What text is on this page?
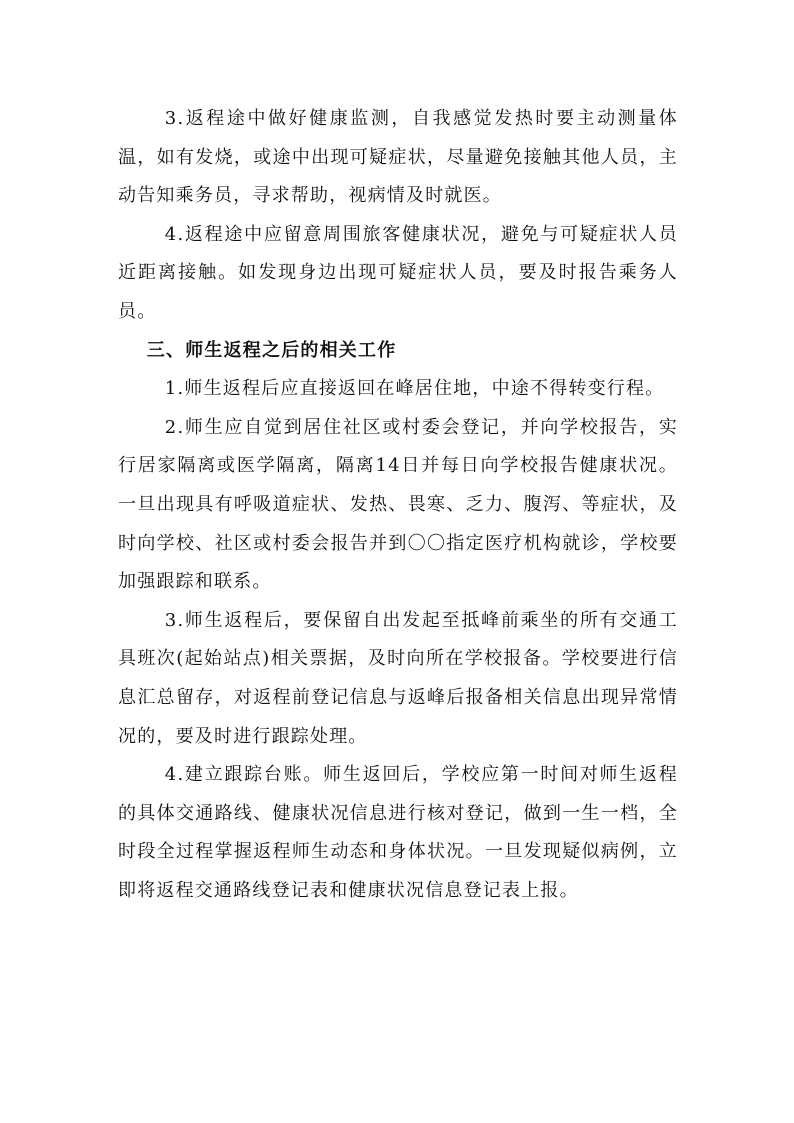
3.返程途中做好健康监测，自我感觉发热时要主动测量体温，如有发烧，或途中出现可疑症状，尽量避免接触其他人员，主动告知乘务员，寻求帮助，视病情及时就医。

4.返程途中应留意周围旅客健康状况，避免与可疑症状人员近距离接触。如发现身边出现可疑症状人员，要及时报告乘务人员。

三、师生返程之后的相关工作

1.师生返程后应直接返回在峰居住地，中途不得转变行程。

2.师生应自觉到居住社区或村委会登记，并向学校报告，实行居家隔离或医学隔离，隔离14日并每日向学校报告健康状况。一旦出现具有呼吸道症状、发热、畏寒、乏力、腹泻、等症状，及时向学校、社区或村委会报告并到〇〇指定医疗机构就诊，学校要加强跟踪和联系。

3.师生返程后，要保留自出发起至抵峰前乘坐的所有交通工具班次(起始站点)相关票据，及时向所在学校报备。学校要进行信息汇总留存，对返程前登记信息与返峰后报备相关信息出现异常情况的，要及时进行跟踪处理。

4.建立跟踪台账。师生返回后，学校应第一时间对师生返程的具体交通路线、健康状况信息进行核对登记，做到一生一档，全时段全过程掌握返程师生动态和身体状况。一旦发现疑似病例，立即将返程交通路线登记表和健康状况信息登记表上报。
